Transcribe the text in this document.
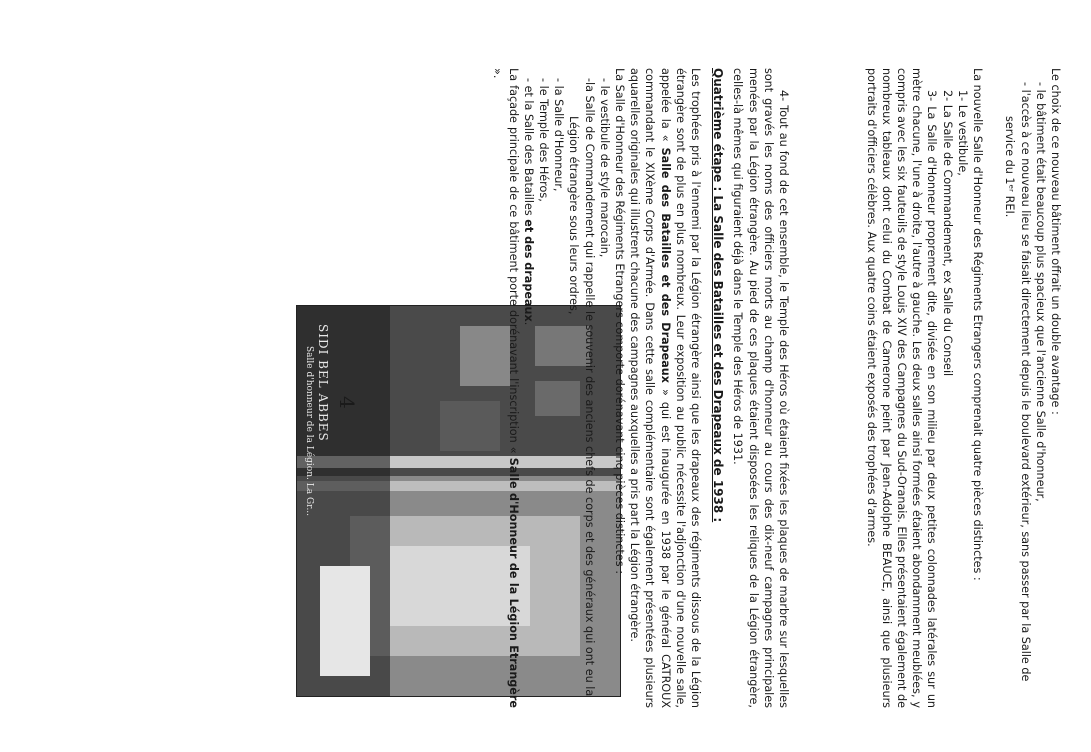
Le choix de ce nouveau bâtiment offrait un double avantage :

- le bâtiment était beaucoup plus spacieux que l'ancienne Salle d'honneur,

- l'accès à ce nouveau lieu se faisait directement depuis le boulevard extérieur, sans passer par la Salle de

service du 1ᵉʳ REI.

La nouvelle Salle d'Honneur des Régiments Etrangers comprenait quatre pièces distinctes :

1- Le vestibule,

2- La Salle de Commandement, ex Salle du Conseil

3- La Salle d'Honneur proprement dite, divisée en son milieu par deux petites colonnades latérales sur un mètre chacune, l'une à droite, l'autre à gauche. Les deux salles ainsi formées étaient abondamment meublées, y compris avec les six fauteuils de style Louis XIV des Campagnes du Sud-Oranais. Elles présentaient également de nombreux tableaux dont celui du Combat de Camerone peint par Jean-Adolphe BEAUCE, ainsi que plusieurs portraits d'officiers célèbres. Aux quatre coins étaient exposés des trophées d'armes.

SIDI BEL ABBES
Salle d'honneur de la Légion. La Gr...	4- Tout au fond de cet ensemble, le Temple des Héros où étaient fixées les plaques de marbre sur lesquelles sont gravés les noms des officiers morts au champ d'honneur au cours des dix-neuf campagnes principales menées par la Légion étrangère. Au pied de ces plaques étaient disposées les reliques de la Légion étrangère, celles-là mêmes qui figuraient déjà dans le Temple des Héros de 1931.

Quatrième étape : La Salle des Batailles et des Drapeaux de 1938 :

Les trophées pris à l'ennemi par la Légion étrangère ainsi que les drapeaux des régiments dissous de la Légion étrangère sont de plus en plus nombreux. Leur exposition au public nécessite l'adjonction d'une nouvelle salle, appelée la « Salle des Batailles et des Drapeaux » qui est inaugurée en 1938 par le général CATROUX commandant le XIXème Corps d'Armée. Dans cette salle complémentaire sont également présentées plusieurs aquarelles originales qui illustrent chacune des campagnes auxquelles a pris part la Légion étrangère.

La Salle d'Honneur des Régiments Etrangers comporte dorénavant cinq pièces distinctes :

- le vestibule de style marocain,

-la Salle de Commandement qui rappelle le souvenir des anciens chefs de corps et des généraux qui ont eu la

Légion étrangère sous leurs ordres,

- la Salle d'Honneur,

- le Temple des Héros,

- et la Salle des Batailles et des drapeaux.

La façade principale de ce bâtiment porte dorénavant l'inscription « Salle d'Honneur de la Légion Etrangère ».

4
